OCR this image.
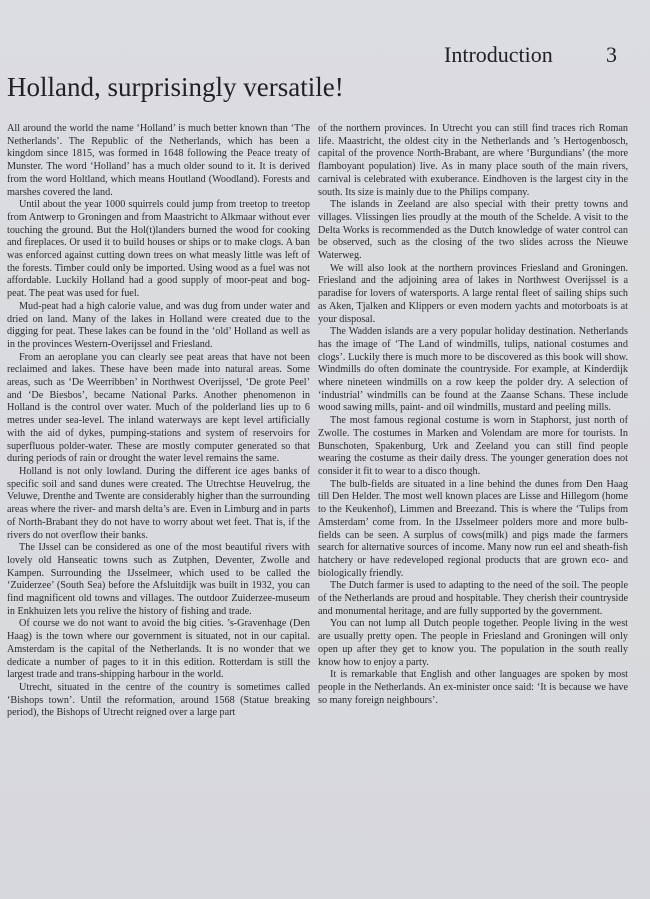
Introduction 3
Holland, surprisingly versatile!

All around the world the name ‘Holland’ is much better known than ‘The Netherlands’. The Republic of the Netherlands, which has been a kingdom since 1815, was formed in 1648 following the Peace treaty of Munster. The word ‘Holland’ has a much older sound to it. It is derived from the word Holtland, which means Houtland (Woodland). Forests and marshes covered the land.

Until about the year 1000 squirrels could jump from treetop to treetop from Antwerp to Groningen and from Maastricht to Alkmaar without ever touching the ground. But the Hol(t)landers burned the wood for cooking and fireplaces. Or used it to build houses or ships or to make clogs. A ban was enforced against cutting down trees on what measly little was left of the forests. Timber could only be imported. Using wood as a fuel was not affordable. Luckily Holland had a good supply of moor-peat and bog-peat. The peat was used for fuel.

Mud-peat had a high calorie value, and was dug from under water and dried on land. Many of the lakes in Holland were created due to the digging for peat. These lakes can be found in the ‘old’ Holland as well as in the provinces Western-Overijssel and Friesland.

From an aeroplane you can clearly see peat areas that have not been reclaimed and lakes. These have been made into natural areas. Some areas, such as ‘De Weerribben’ in Northwest Overijssel, ‘De grote Peel’ and ‘De Biesbos’, became National Parks. Another phenomenon in Holland is the control over water. Much of the polderland lies up to 6 metres under sea-level. The inland waterways are kept level artificially with the aid of dykes, pumping-stations and system of reservoirs for superfluous polder-water. These are mostly computer generated so that during periods of rain or drought the water level remains the same.

Holland is not only lowland. During the different ice ages banks of specific soil and sand dunes were created. The Utrechtse Heuvelrug, the Veluwe, Drenthe and Twente are considerably higher than the surrounding areas where the river- and marsh delta’s are. Even in Limburg and in parts of North-Brabant they do not have to worry about wet feet. That is, if the rivers do not overflow their banks.

The IJssel can be considered as one of the most beautiful rivers with lovely old Hanseatic towns such as Zutphen, Deventer, Zwolle and Kampen. Surrounding the IJsselmeer, which used to be called the ‘Zuiderzee’ (South Sea) before the Afsluitdijk was built in 1932, you can find magnificent old towns and villages. The outdoor Zuiderzee-museum in Enkhuizen lets you relive the history of fishing and trade.

Of course we do not want to avoid the big cities. ’s-Gravenhage (Den Haag) is the town where our government is situated, not in our capital. Amsterdam is the capital of the Netherlands. It is no wonder that we dedicate a number of pages to it in this edition. Rotterdam is still the largest trade and trans-shipping harbour in the world.

Utrecht, situated in the centre of the country is sometimes called ‘Bishops town’. Until the reformation, around 1568 (Statue breaking period), the Bishops of Utrecht reigned over a large part

of the northern provinces. In Utrecht you can still find traces rich Roman life. Maastricht, the oldest city in the Netherlands and ’s Hertogenbosch, capital of the provence North-Brabant, are where ‘Burgundians’ (the more flamboyant population) live. As in many place south of the main rivers, carnival is celebrated with exuberance. Eindhoven is the largest city in the south. Its size is mainly due to the Philips company.

The islands in Zeeland are also special with their pretty towns and villages. Vlissingen lies proudly at the mouth of the Schelde. A visit to the Delta Works is recommended as the Dutch knowledge of water control can be observed, such as the closing of the two slides across the Nieuwe Waterweg.

We will also look at the northern provinces Friesland and Groningen. Friesland and the adjoining area of lakes in Northwest Overijssel is a paradise for lovers of watersports. A large rental fleet of sailing ships such as Aken, Tjalken and Klippers or even modern yachts and motorboats is at your disposal.

The Wadden islands are a very popular holiday destination. Netherlands has the image of ‘The Land of windmills, tulips, national costumes and clogs’. Luckily there is much more to be discovered as this book will show. Windmills do often dominate the countryside. For example, at Kinderdijk where nineteen windmills on a row keep the polder dry. A selection of ‘industrial’ windmills can be found at the Zaanse Schans. These include wood sawing mills, paint- and oil windmills, mustard and peeling mills.

The most famous regional costume is worn in Staphorst, just north of Zwolle. The costumes in Marken and Volendam are more for tourists. In Bunschoten, Spakenburg, Urk and Zeeland you can still find people wearing the costume as their daily dress. The younger generation does not consider it fit to wear to a disco though.

The bulb-fields are situated in a line behind the dunes from Den Haag till Den Helder. The most well known places are Lisse and Hillegom (home to the Keukenhof), Limmen and Breezand. This is where the ‘Tulips from Amsterdam’ come from. In the IJsselmeer polders more and more bulb-fields can be seen. A surplus of cows(milk) and pigs made the farmers search for alternative sources of income. Many now run eel and sheath-fish hatchery or have redeveloped regional products that are grown eco- and biologically friendly.

The Dutch farmer is used to adapting to the need of the soil. The people of the Netherlands are proud and hospitable. They cherish their countryside and monumental heritage, and are fully supported by the government.

You can not lump all Dutch people together. People living in the west are usually pretty open. The people in Friesland and Groningen will only open up after they get to know you. The population in the south really know how to enjoy a party.

It is remarkable that English and other languages are spoken by most people in the Netherlands. An ex-minister once said: ‘It is because we have so many foreign neighbours’.
